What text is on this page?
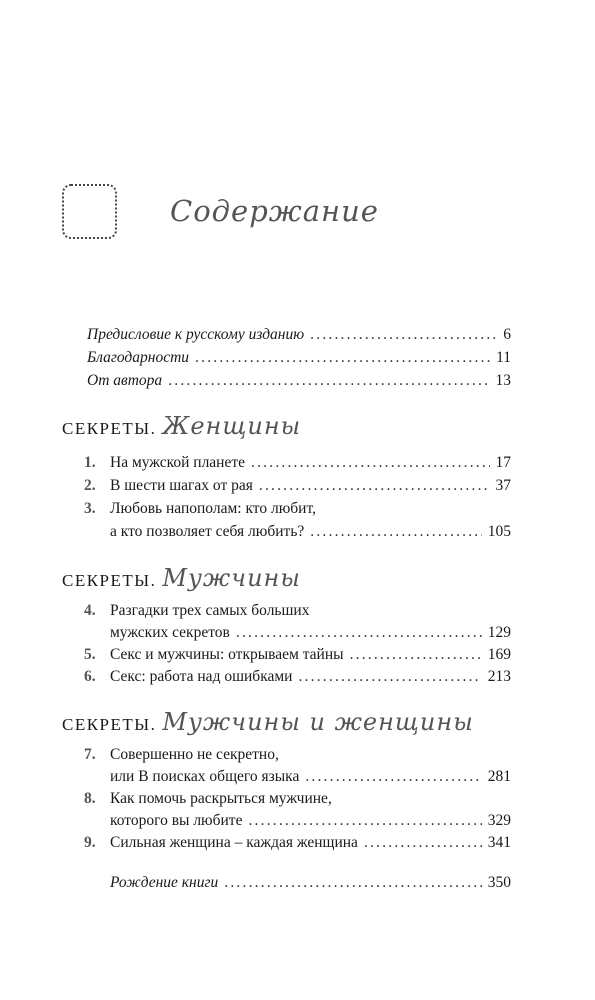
Содержание
Предисловие к русскому изданию .....	6
Благодарности .....	11
От автора .....	13
СЕКРЕТЫ. Женщины
1. На мужской планете .....	17
2. В шести шагах от рая .....	37
3. Любовь напополам: кто любит,
а кто позволяет себя любить? .....	105
СЕКРЕТЫ. Мужчины
4. Разгадки трех самых больших
мужских секретов .....	129
5. Секс и мужчины: открываем тайны .....	169
6. Секс: работа над ошибками .....	213
СЕКРЕТЫ. Мужчины и женщины
7. Совершенно не секретно,
или В поисках общего языка .....	281
8. Как помочь раскрыться мужчине,
которого вы любите .....	329
9. Сильная женщина – каждая женщина .....	341
Рождение книги .....	350
